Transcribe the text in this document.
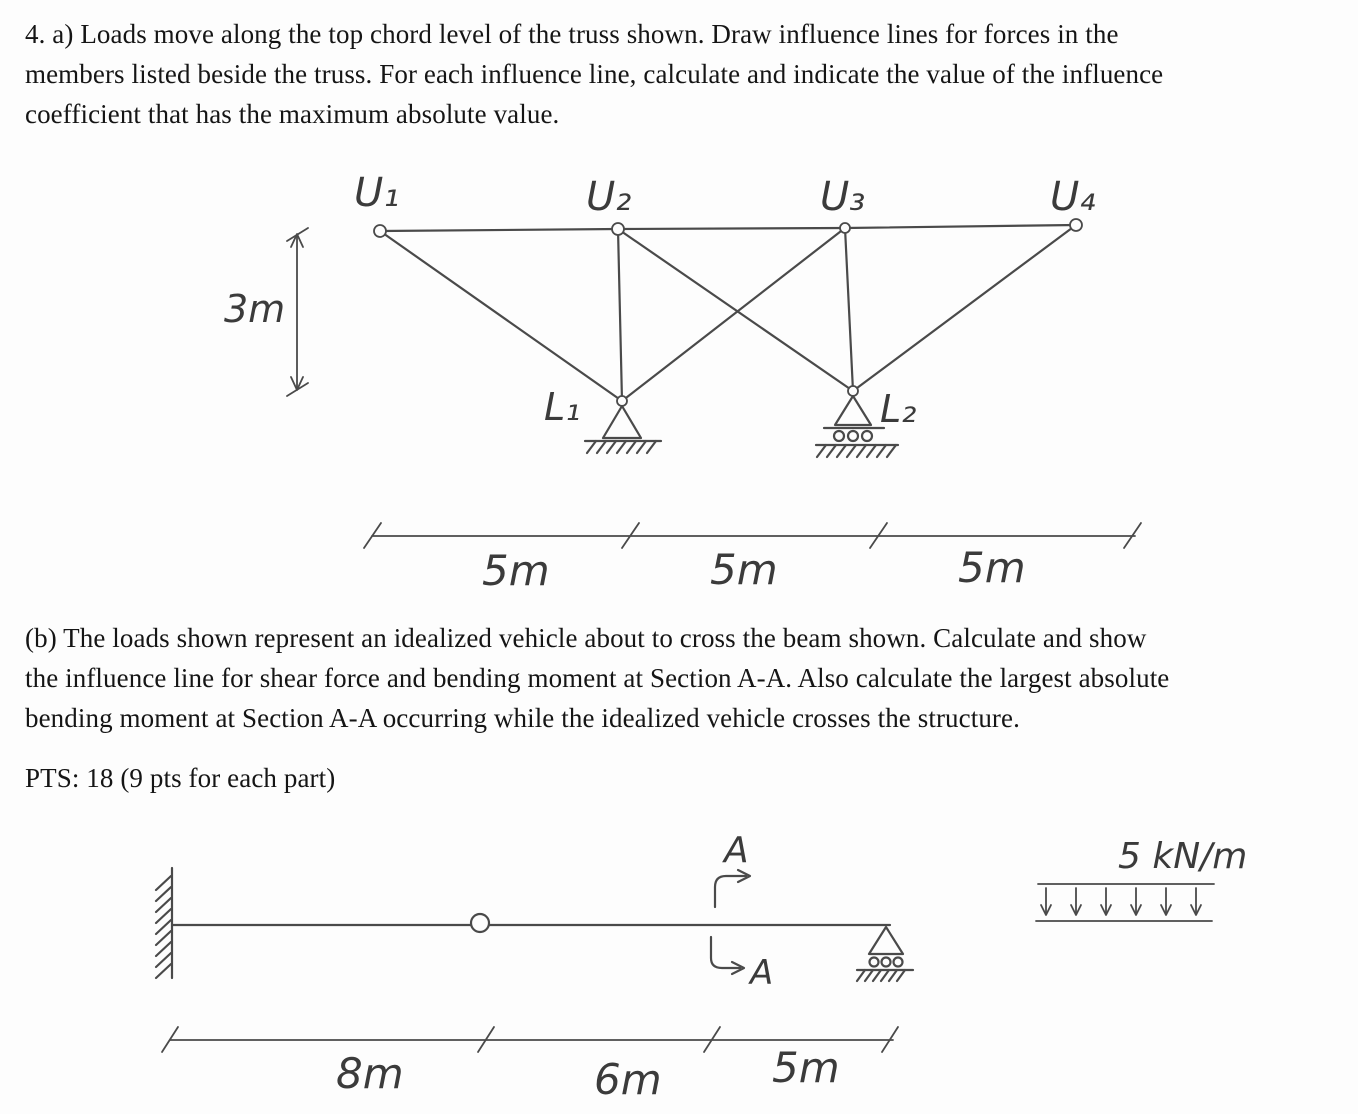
U₁	U₂	U₃	U₄
L₁	L₂
3m
5m	5m	5m
A
A
5 kN/m
8m	6m	5m
4. a) Loads move along the top chord level of the truss shown. Draw influence lines for forces in the
members listed beside the truss. For each influence line, calculate and indicate the value of the influence
coefficient that has the maximum absolute value.
(b) The loads shown represent an idealized vehicle about to cross the beam shown. Calculate and show
the influence line for shear force and bending moment at Section A-A. Also calculate the largest absolute
bending moment at Section A-A occurring while the idealized vehicle crosses the structure.
PTS: 18 (9 pts for each part)
